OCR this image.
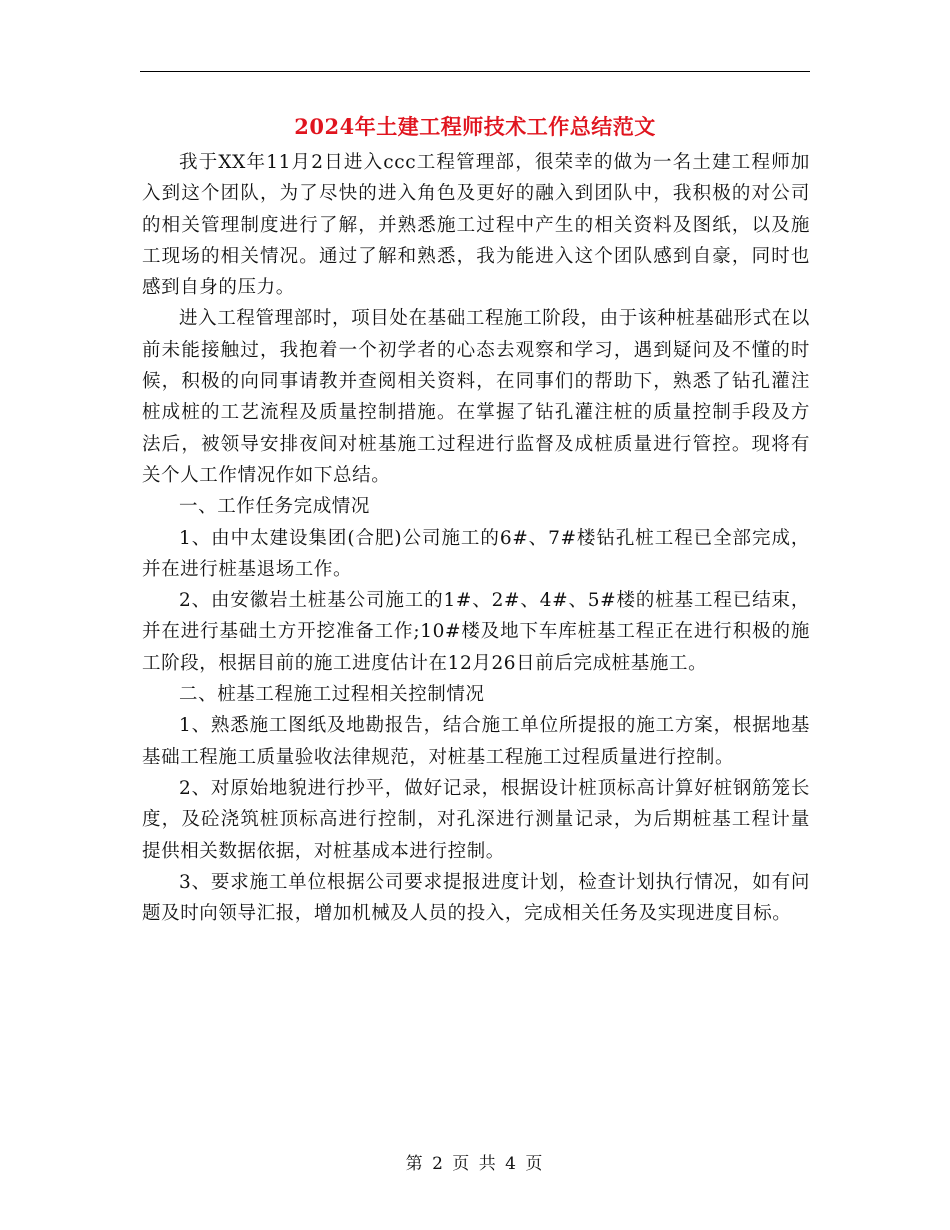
2024年土建工程师技术工作总结范文

我于XX年11月2日进入ccc工程管理部，很荣幸的做为一名土建工程师加入到这个团队，为了尽快的进入角色及更好的融入到团队中，我积极的对公司的相关管理制度进行了解，并熟悉施工过程中产生的相关资料及图纸，以及施工现场的相关情况。通过了解和熟悉，我为能进入这个团队感到自豪，同时也感到自身的压力。

进入工程管理部时，项目处在基础工程施工阶段，由于该种桩基础形式在以前未能接触过，我抱着一个初学者的心态去观察和学习，遇到疑问及不懂的时候，积极的向同事请教并查阅相关资料，在同事们的帮助下，熟悉了钻孔灌注桩成桩的工艺流程及质量控制措施。在掌握了钻孔灌注桩的质量控制手段及方法后，被领导安排夜间对桩基施工过程进行监督及成桩质量进行管控。现将有关个人工作情况作如下总结。

一、工作任务完成情况

1、由中太建设集团(合肥)公司施工的6#、7#楼钻孔桩工程已全部完成，并在进行桩基退场工作。

2、由安徽岩土桩基公司施工的1#、2#、4#、5#楼的桩基工程已结束，并在进行基础土方开挖准备工作;10#楼及地下车库桩基工程正在进行积极的施工阶段，根据目前的施工进度估计在12月26日前后完成桩基施工。

二、桩基工程施工过程相关控制情况

1、熟悉施工图纸及地勘报告，结合施工单位所提报的施工方案，根据地基基础工程施工质量验收法律规范，对桩基工程施工过程质量进行控制。

2、对原始地貌进行抄平，做好记录，根据设计桩顶标高计算好桩钢筋笼长度，及砼浇筑桩顶标高进行控制，对孔深进行测量记录，为后期桩基工程计量提供相关数据依据，对桩基成本进行控制。

3、要求施工单位根据公司要求提报进度计划，检查计划执行情况，如有问题及时向领导汇报，增加机械及人员的投入，完成相关任务及实现进度目标。

第 2 页 共 4 页
